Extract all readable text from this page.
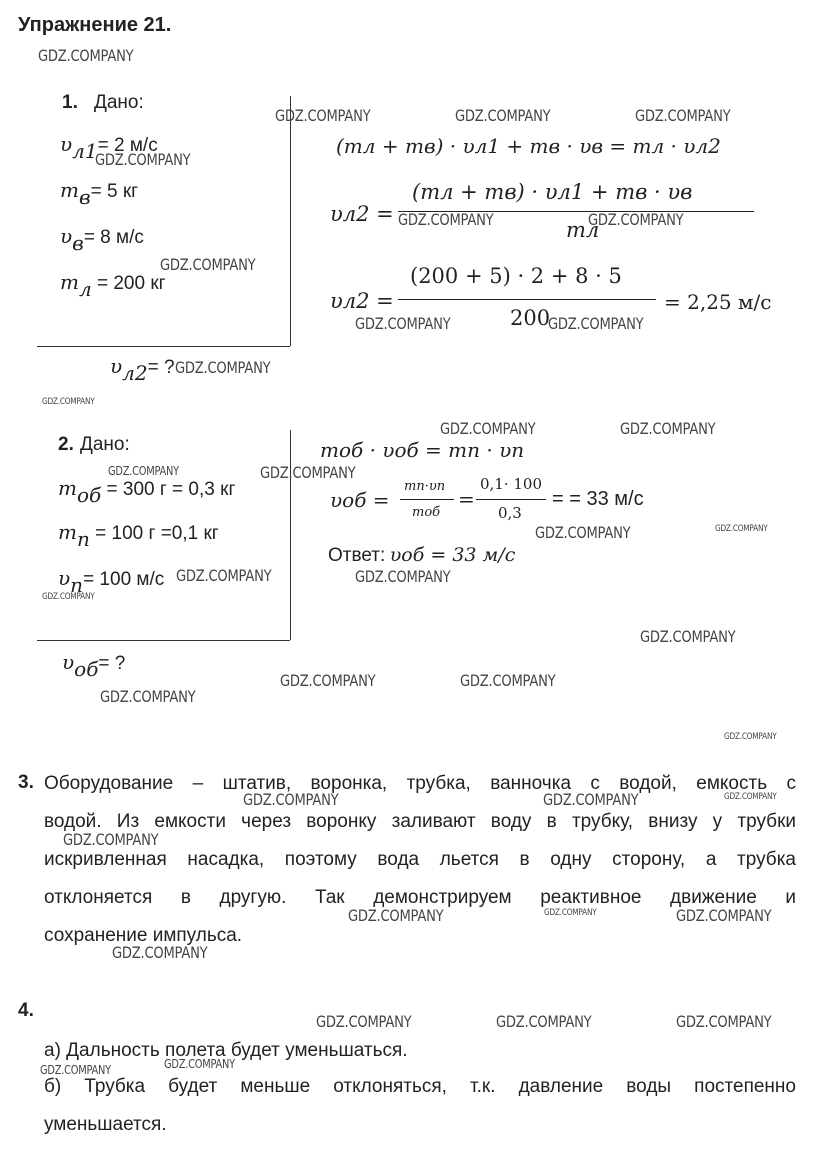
Упражнение 21.
1. Дано:
$\upsilon_{л1}= 2$ м/с
$m_в= 5$ кг
$\upsilon_в= 8$ м/с
$m_л = 200$ кг
$\upsilon_{л2}=$ ?
(mл + mв) · υл1 + mв · υв = mл · υл2
υл2 =
(mл + mв) · υл1 + mв · υв
mл
υл2 =
(200 + 5) · 2 + 8 · 5
200
= 2,25 м/с
2. Дано:
$m_{об} = 300$ г = 0,3 кг
$m_п = 100$ г =0,1 кг
$\upsilon_п= 100$ м/с
$\upsilon_{об}=$ ?
mоб · υоб = mп · υп
υоб =
mп·υп
mоб
=
0,1· 100
0,3
= = 33 м/с
Ответ: υоб = 33 м/с
3. Оборудование – штатив, воронка, трубка, ванночка с водой, емкость с
водой. Из емкости через воронку заливают воду в трубку, внизу у трубки
искривленная насадка, поэтому вода льется в одну сторону, а трубка
отклоняется в другую. Так демонстрируем реактивное движение и
сохранение импульса.
4.
а) Дальность полета будет уменьшаться.
б) Трубка будет меньше отклоняться, т.к. давление воды постепенно
уменьшается.
GDZ.COMPANY
GDZ.COMPANY	GDZ.COMPANY	GDZ.COMPANY
GDZ.COMPANY
GDZ.COMPANY	GDZ.COMPANY
GDZ.COMPANY
GDZ.COMPANY	GDZ.COMPANY
GDZ.COMPANY
GDZ.COMPANY
GDZ.COMPANY	GDZ.COMPANY
GDZ.COMPANY	GDZ.COMPANY
GDZ.COMPANY
GDZ.COMPANY
GDZ.COMPANY	GDZ.COMPANY
GDZ.COMPANY
GDZ.COMPANY
GDZ.COMPANY	GDZ.COMPANY
GDZ.COMPANY
GDZ.COMPANY
GDZ.COMPANY	GDZ.COMPANY	GDZ.COMPANY
GDZ.COMPANY
GDZ.COMPANY	GDZ.COMPANY	GDZ.COMPANY
GDZ.COMPANY
GDZ.COMPANY	GDZ.COMPANY	GDZ.COMPANY
GDZ.COMPANY
GDZ.COMPANY
